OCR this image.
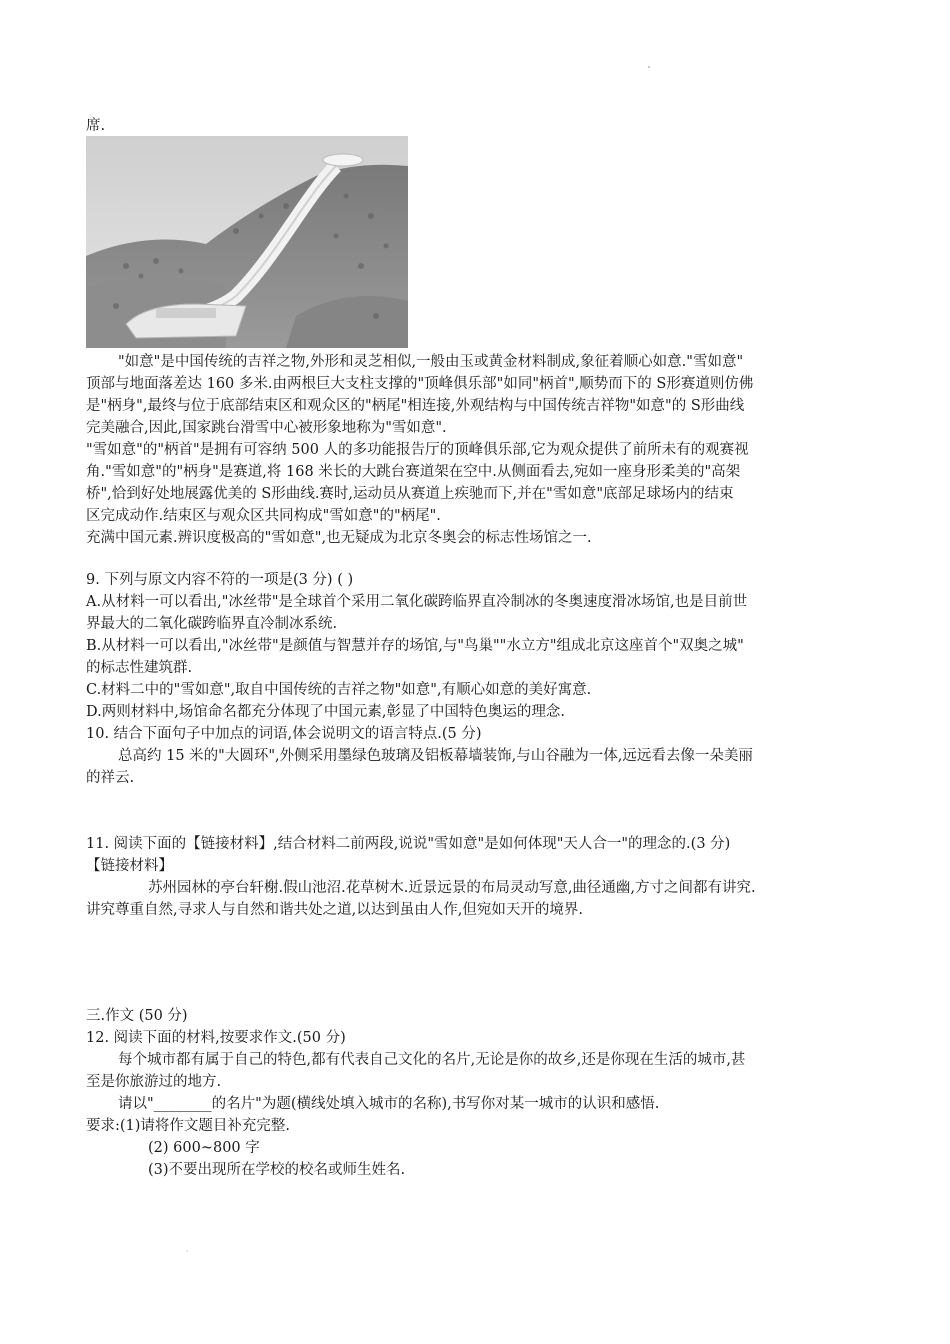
席.
"如意"是中国传统的吉祥之物,外形和灵芝相似,一般由玉或黄金材料制成,象征着顺心如意."雪如意"
顶部与地面落差达 160 多米.由两根巨大支柱支撑的"顶峰俱乐部"如同"柄首",顺势而下的 S形赛道则仿佛
是"柄身",最终与位于底部结束区和观众区的"柄尾"相连接,外观结构与中国传统吉祥物"如意"的 S形曲线
完美融合,因此,国家跳台滑雪中心被形象地称为"雪如意".
"雪如意"的"柄首"是拥有可容纳 500 人的多功能报告厅的顶峰俱乐部,它为观众提供了前所未有的观赛视
角."雪如意"的"柄身"是赛道,将 168 米长的大跳台赛道架在空中.从侧面看去,宛如一座身形柔美的"高架
桥",恰到好处地展露优美的 S形曲线.赛时,运动员从赛道上疾驰而下,并在"雪如意"底部足球场内的结束
区完成动作.结束区与观众区共同构成"雪如意"的"柄尾".
充满中国元素.辨识度极高的"雪如意",也无疑成为北京冬奥会的标志性场馆之一.
9. 下列与原文内容不符的一项是(3 分) ( )
A.从材料一可以看出,"冰丝带"是全球首个采用二氧化碳跨临界直冷制冰的冬奥速度滑冰场馆,也是目前世
界最大的二氧化碳跨临界直冷制冰系统.
B.从材料一可以看出,"冰丝带"是颜值与智慧并存的场馆,与"鸟巢""水立方"组成北京这座首个"双奥之城"
的标志性建筑群.
C.材料二中的"雪如意",取自中国传统的吉祥之物"如意",有顺心如意的美好寓意.
D.两则材料中,场馆命名都充分体现了中国元素,彰显了中国特色奥运的理念.
10. 结合下面句子中加点的词语,体会说明文的语言特点.(5 分)
总高约 15 米的"大圆环",外侧采用墨绿色玻璃及铝板幕墙装饰,与山谷融为一体,远远看去像一朵美丽
的祥云.
11. 阅读下面的【链接材料】,结合材料二前两段,说说"雪如意"是如何体现"天人合一"的理念的.(3 分)
【链接材料】
苏州园林的亭台轩榭.假山池沼.花草树木.近景远景的布局灵动写意,曲径通幽,方寸之间都有讲究.
讲究尊重自然,寻求人与自然和谐共处之道,以达到虽由人作,但宛如天开的境界.
三.作文 (50 分)
12. 阅读下面的材料,按要求作文.(50 分)
每个城市都有属于自己的特色,都有代表自己文化的名片,无论是你的故乡,还是你现在生活的城市,甚
至是你旅游过的地方.
请以"________的名片"为题(横线处填入城市的名称),书写你对某一城市的认识和感悟.
要求:(1)请将作文题目补充完整.
(2) 600~800 字
(3)不要出现所在学校的校名或师生姓名.
